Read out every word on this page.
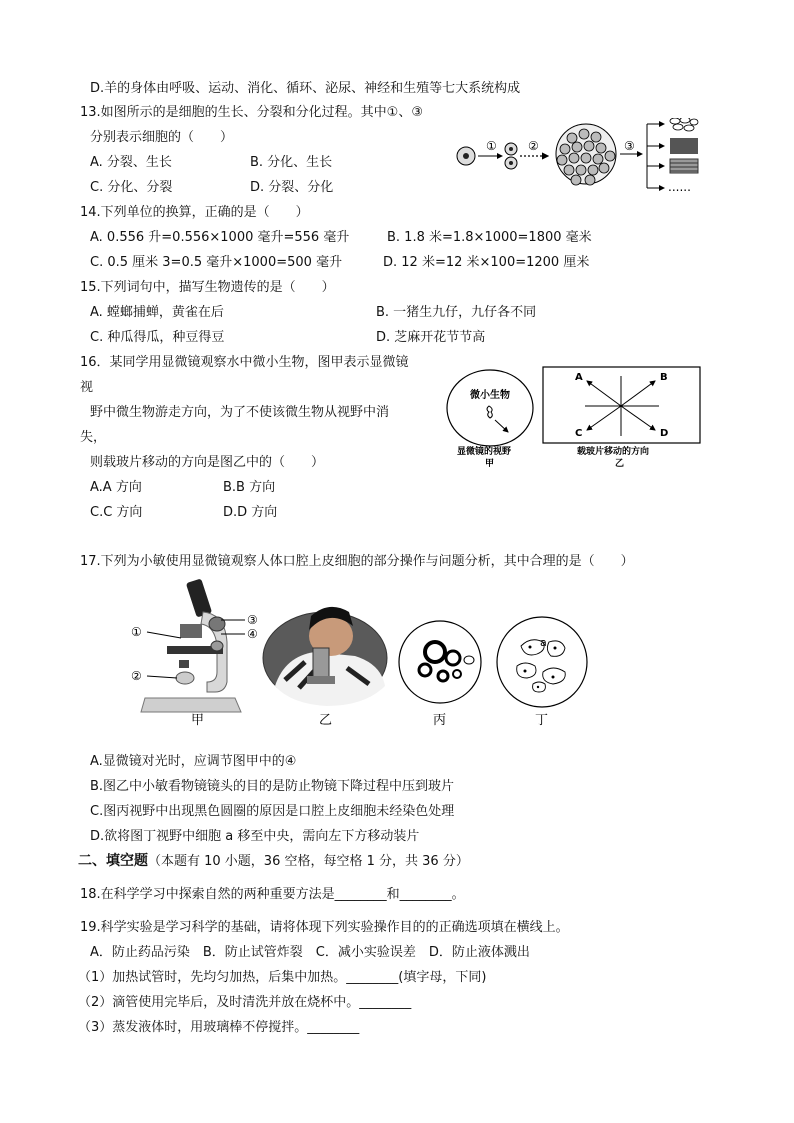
D.羊的身体由呼吸、运动、消化、循环、泌尿、神经和生殖等七大系统构成
13.如图所示的是细胞的生长、分裂和分化过程。其中①、③
分别表示细胞的（　　）
A. 分裂、生长	B. 分化、生长
C. 分化、分裂	D. 分裂、分化
①	②	③
......
14.下列单位的换算，正确的是（　　）
A. 0.556 升=0.556×1000 毫升=556 毫升	B. 1.8 米=1.8×1000=1800 毫米
C. 0.5 厘米 3=0.5 毫升×1000=500 毫升	D. 12 米=12 米×100=1200 厘米
15.下列词句中，描写生物遗传的是（　　）
A. 螳螂捕蝉，黄雀在后	B. 一猪生九仔，九仔各不同
C. 种瓜得瓜，种豆得豆	D. 芝麻开花节节高
16．某同学用显微镜观察水中微小生物，图甲表示显微镜
视
野中微生物游走方向，为了不使该微生物从视野中消
失，
则载玻片移动的方向是图乙中的（　　）
A.A 方向	B.B 方向
C.C 方向	D.D 方向
微小生物
显微镜的视野
甲
A	B
C	D
载玻片移动的方向
乙
17.下列为小敏使用显微镜观察人体口腔上皮细胞的部分操作与问题分析，其中合理的是（　　）
①
②
③
④
甲	乙	丙
a
丁
A.显微镜对光时，应调节图甲中的④
B.图乙中小敏看物镜镜头的目的是防止物镜下降过程中压到玻片
C.图丙视野中出现黑色圆圈的原因是口腔上皮细胞未经染色处理
D.欲将图丁视野中细胞 a 移至中央，需向左下方移动装片
二、填空题（本题有 10 小题，36 空格，每空格 1 分，共 36 分）
18.在科学学习中探索自然的两种重要方法是________和________。
19.科学实验是学习科学的基础，请将体现下列实验操作目的的正确选项填在横线上。
A．防止药品污染　B．防止试管炸裂　C．减小实验误差　D．防止液体溅出
（1）加热试管时，先均匀加热，后集中加热。________(填字母，下同)
（2）滴管使用完毕后，及时清洗并放在烧杯中。________
（3）蒸发液体时，用玻璃棒不停搅拌。________
